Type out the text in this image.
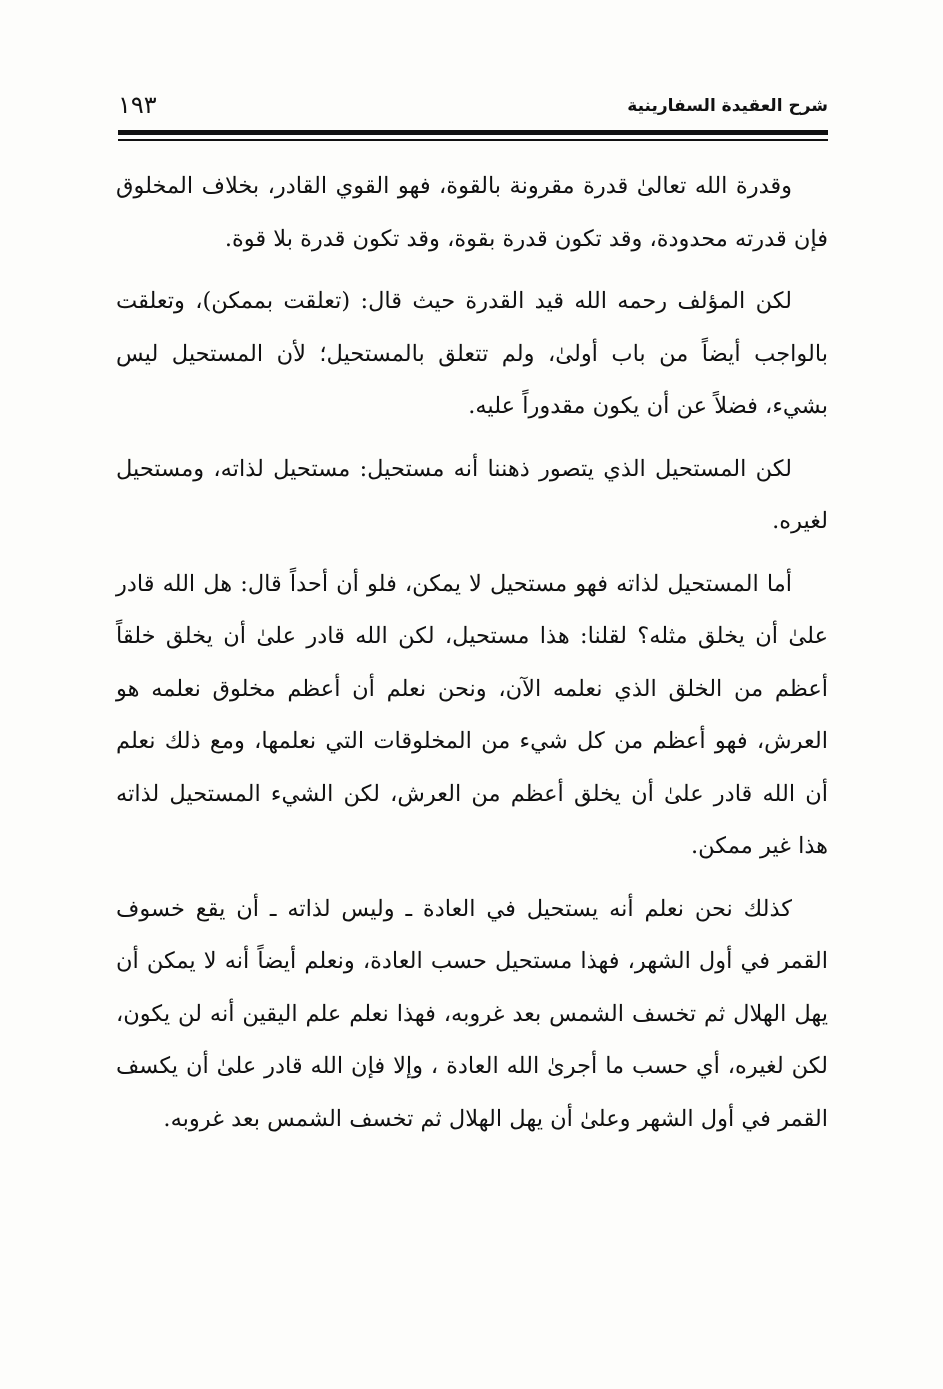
شرح العقيدة السفارينية
١٩٣

وقدرة الله تعالىٰ قدرة مقرونة بالقوة، فهو القوي القادر، بخلاف المخلوق فإن قدرته محدودة، وقد تكون قدرة بقوة، وقد تكون قدرة بلا قوة.

لكن المؤلف رحمه الله قيد القدرة حيث قال: (تعلقت بممكن)، وتعلقت بالواجب أيضاً من باب أولىٰ، ولم تتعلق بالمستحيل؛ لأن المستحيل ليس بشيء، فضلاً عن أن يكون مقدوراً عليه.

لكن المستحيل الذي يتصور ذهننا أنه مستحيل: مستحيل لذاته، ومستحيل لغيره.

أما المستحيل لذاته فهو مستحيل لا يمكن، فلو أن أحداً قال: هل الله قادر علىٰ أن يخلق مثله؟ لقلنا: هذا مستحيل، لكن الله قادر علىٰ أن يخلق خلقاً أعظم من الخلق الذي نعلمه الآن، ونحن نعلم أن أعظم مخلوق نعلمه هو العرش، فهو أعظم من كل شيء من المخلوقات التي نعلمها، ومع ذلك نعلم أن الله قادر علىٰ أن يخلق أعظم من العرش، لكن الشيء المستحيل لذاته هذا غير ممكن.

كذلك نحن نعلم أنه يستحيل في العادة ـ وليس لذاته ـ أن يقع خسوف القمر في أول الشهر، فهذا مستحيل حسب العادة، ونعلم أيضاً أنه لا يمكن أن يهل الهلال ثم تخسف الشمس بعد غروبه، فهذا نعلم علم اليقين أنه لن يكون، لكن لغيره، أي حسب ما أجرىٰ الله العادة ، وإلا فإن الله قادر علىٰ أن يكسف القمر في أول الشهر وعلىٰ أن يهل الهلال ثم تخسف الشمس بعد غروبه.
